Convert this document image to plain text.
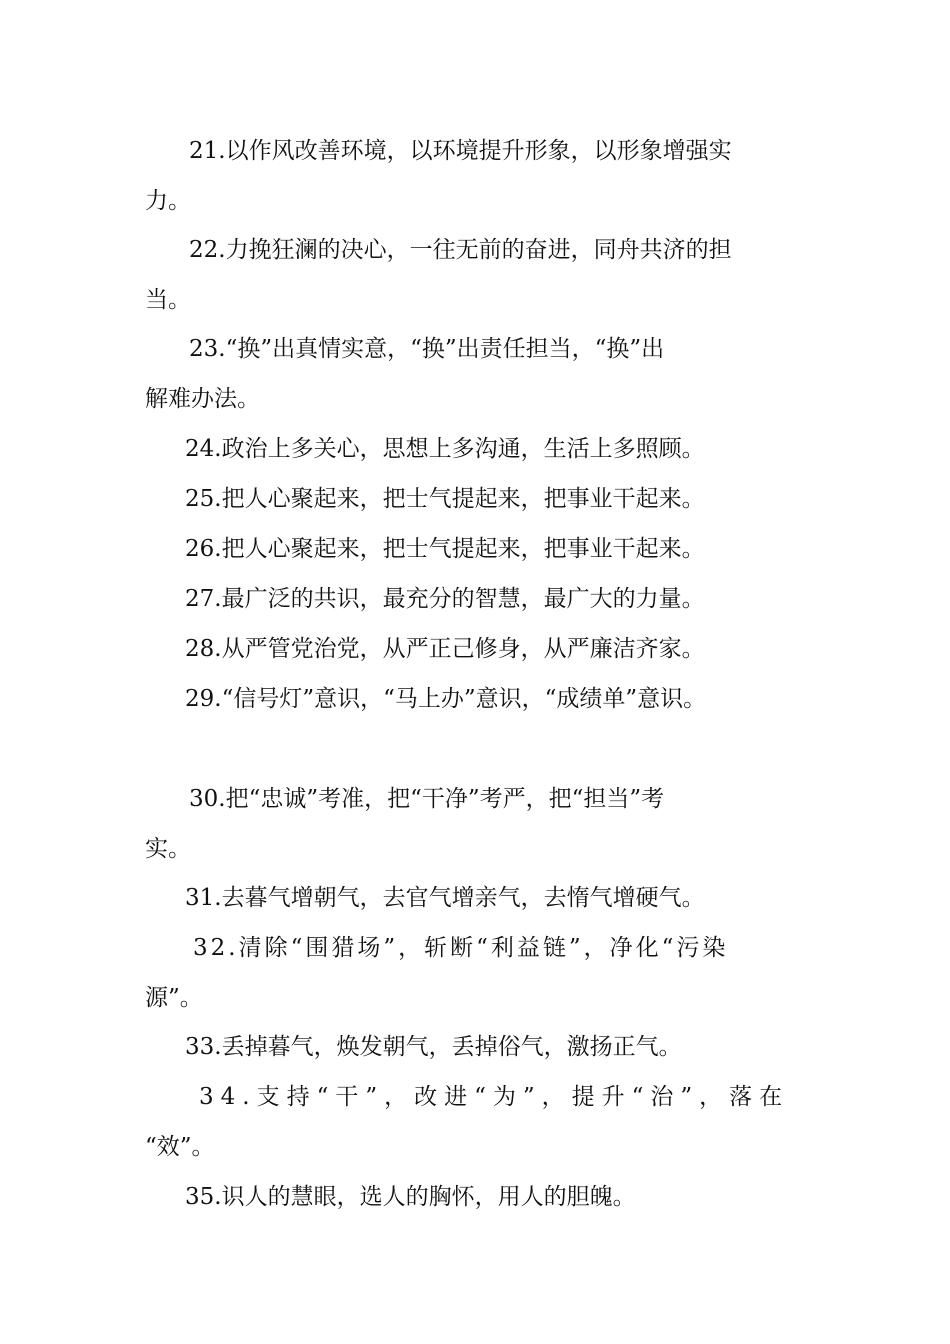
21.以作风改善环境，以环境提升形象，以形象增强实
力。
22.力挽狂澜的决心，一往无前的奋进，同舟共济的担
当。
23.“换”出真情实意，“换”出责任担当，“换”出
解难办法。
24.政治上多关心，思想上多沟通，生活上多照顾。
25.把人心聚起来，把士气提起来，把事业干起来。
26.把人心聚起来，把士气提起来，把事业干起来。
27.最广泛的共识，最充分的智慧，最广大的力量。
28.从严管党治党，从严正己修身，从严廉洁齐家。
29.“信号灯”意识，“马上办”意识，“成绩单”意识。
30.把“忠诚”考准，把“干净”考严，把“担当”考
实。
31.去暮气增朝气，去官气增亲气，去惰气增硬气。
32.清除“围猎场”，斩断“利益链”，净化“污染
源”。
33.丢掉暮气，焕发朝气，丢掉俗气，激扬正气。
34.支持“干”，改进“为”，提升“治”，落在
“效”。
35.识人的慧眼，选人的胸怀，用人的胆魄。
